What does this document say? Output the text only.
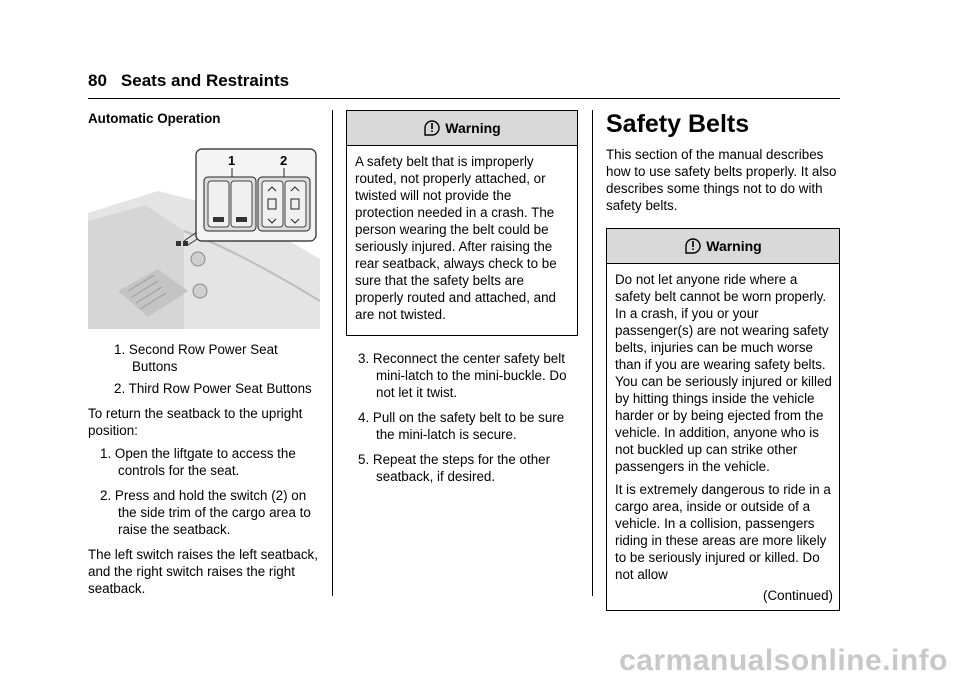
80 Seats and Restraints
Automatic Operation
1	2
1. Second Row Power Seat Buttons
2. Third Row Power Seat Buttons

To return the seatback to the upright position:

1. Open the liftgate to access the controls for the seat.
2. Press and hold the switch (2) on the side trim of the cargo area to raise the seatback.

The left switch raises the left seatback, and the right switch raises the right seatback.

Warning

A safety belt that is improperly routed, not properly attached, or twisted will not provide the protection needed in a crash. The person wearing the belt could be seriously injured. After raising the rear seatback, always check to be sure that the safety belts are properly routed and attached, and are not twisted.

3. Reconnect the center safety belt mini-latch to the mini-buckle. Do not let it twist.
4. Pull on the safety belt to be sure the mini-latch is secure.
5. Repeat the steps for the other seatback, if desired.
Safety Belts

This section of the manual describes how to use safety belts properly. It also describes some things not to do with safety belts.

Warning

Do not let anyone ride where a safety belt cannot be worn properly. In a crash, if you or your passenger(s) are not wearing safety belts, injuries can be much worse than if you are wearing safety belts. You can be seriously injured or killed by hitting things inside the vehicle harder or by being ejected from the vehicle. In addition, anyone who is not buckled up can strike other passengers in the vehicle.

It is extremely dangerous to ride in a cargo area, inside or outside of a vehicle. In a collision, passengers riding in these areas are more likely to be seriously injured or killed. Do not allow

(Continued)
carmanualsonline.info
